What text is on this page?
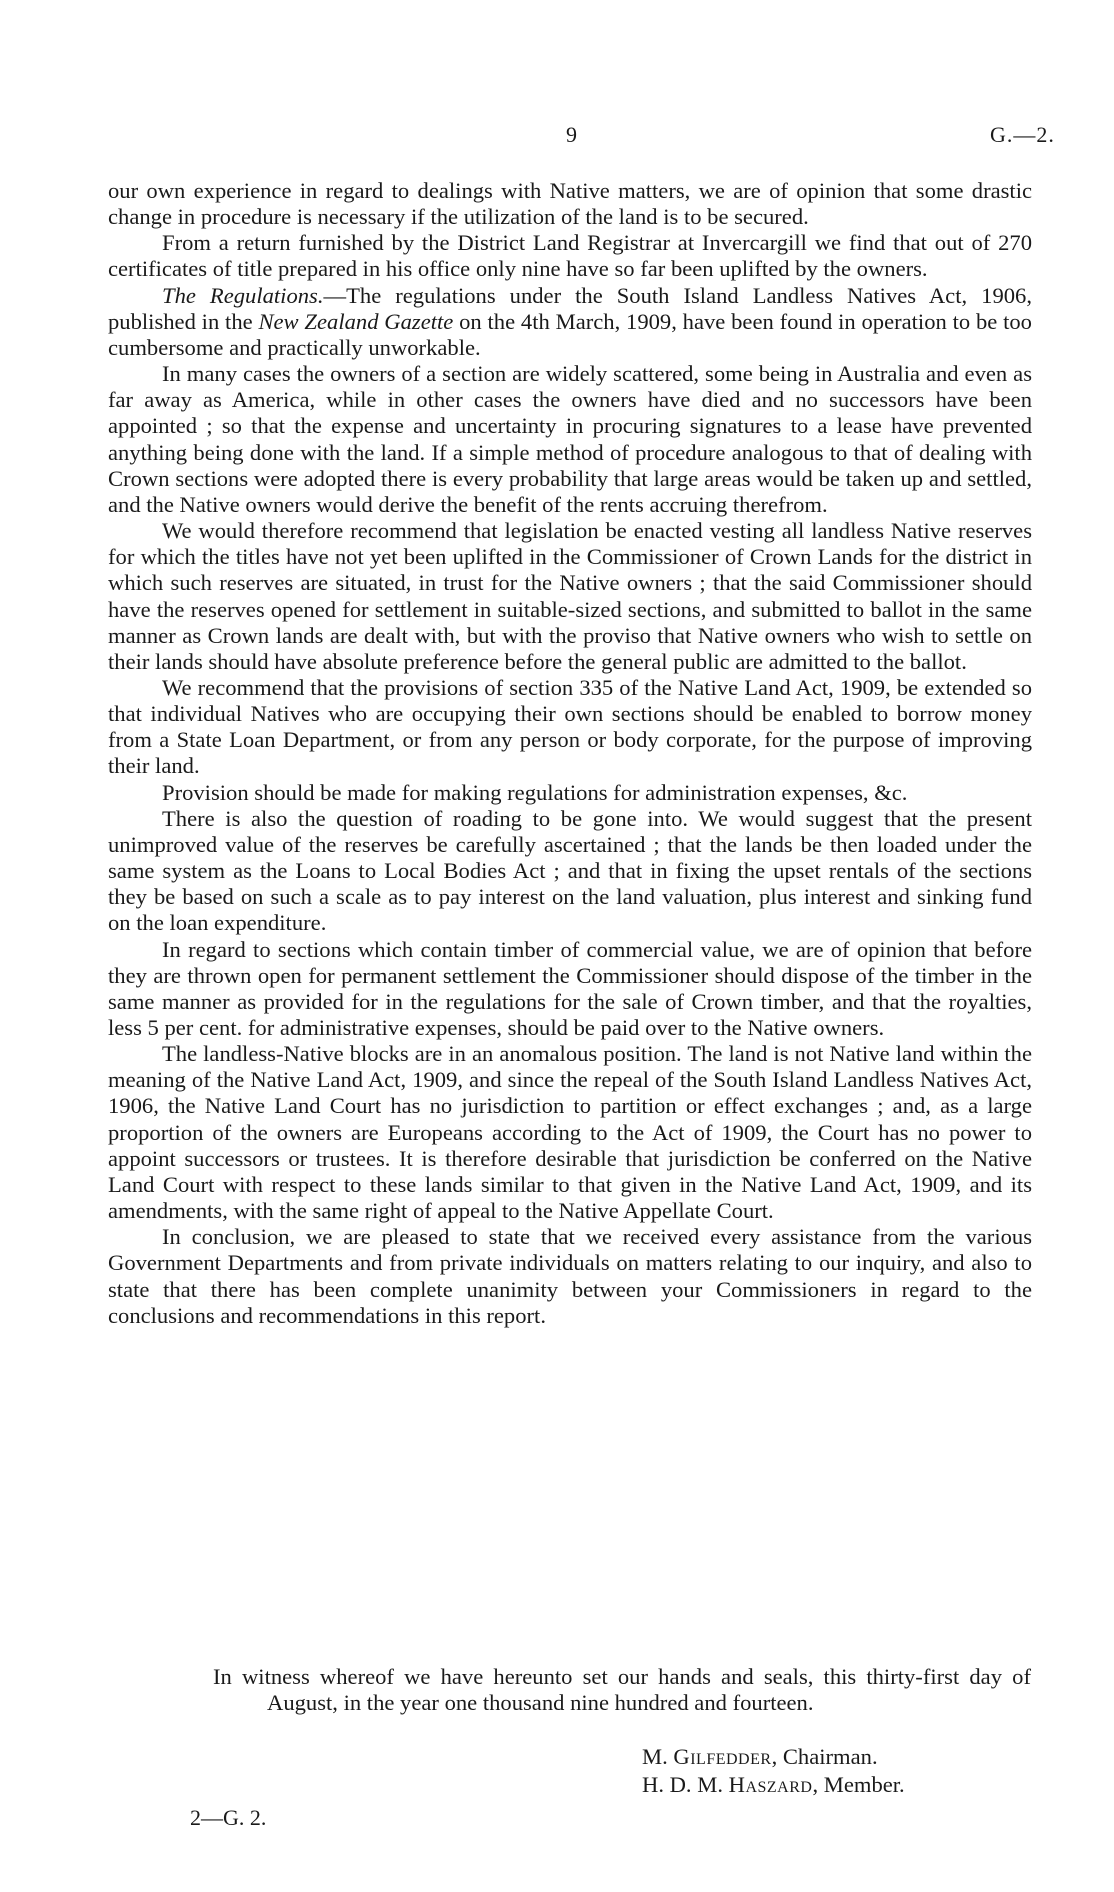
9	G.—2.

our own experience in regard to dealings with Native matters, we are of opinion that some drastic change in procedure is necessary if the utilization of the land is to be secured.

From a return furnished by the District Land Registrar at Invercargill we find that out of 270 certificates of title prepared in his office only nine have so far been uplifted by the owners.

The Regulations.—The regulations under the South Island Landless Natives Act, 1906, published in the New Zealand Gazette on the 4th March, 1909, have been found in operation to be too cumbersome and practically unworkable.

In many cases the owners of a section are widely scattered, some being in Australia and even as far away as America, while in other cases the owners have died and no successors have been appointed ; so that the expense and uncertainty in procuring signatures to a lease have prevented anything being done with the land. If a simple method of procedure analogous to that of dealing with Crown sections were adopted there is every probability that large areas would be taken up and settled, and the Native owners would derive the benefit of the rents accruing therefrom.

We would therefore recommend that legislation be enacted vesting all landless Native reserves for which the titles have not yet been uplifted in the Commissioner of Crown Lands for the district in which such reserves are situated, in trust for the Native owners ; that the said Commissioner should have the reserves opened for settlement in suitable-sized sections, and submitted to ballot in the same manner as Crown lands are dealt with, but with the proviso that Native owners who wish to settle on their lands should have absolute preference before the general public are admitted to the ballot.

We recommend that the provisions of section 335 of the Native Land Act, 1909, be extended so that individual Natives who are occupying their own sections should be enabled to borrow money from a State Loan Department, or from any person or body corporate, for the purpose of improving their land.

Provision should be made for making regulations for administration expenses, &c.

There is also the question of roading to be gone into. We would suggest that the present unimproved value of the reserves be carefully ascertained ; that the lands be then loaded under the same system as the Loans to Local Bodies Act ; and that in fixing the upset rentals of the sections they be based on such a scale as to pay interest on the land valuation, plus interest and sinking fund on the loan expenditure.

In regard to sections which contain timber of commercial value, we are of opinion that before they are thrown open for permanent settlement the Commissioner should dispose of the timber in the same manner as provided for in the regulations for the sale of Crown timber, and that the royalties, less 5 per cent. for administrative expenses, should be paid over to the Native owners.

The landless-Native blocks are in an anomalous position. The land is not Native land within the meaning of the Native Land Act, 1909, and since the repeal of the South Island Landless Natives Act, 1906, the Native Land Court has no jurisdiction to partition or effect exchanges ; and, as a large proportion of the owners are Europeans according to the Act of 1909, the Court has no power to appoint successors or trustees. It is therefore desirable that jurisdiction be conferred on the Native Land Court with respect to these lands similar to that given in the Native Land Act, 1909, and its amendments, with the same right of appeal to the Native Appellate Court.

In conclusion, we are pleased to state that we received every assistance from the various Government Departments and from private individuals on matters relating to our inquiry, and also to state that there has been complete unanimity between your Commissioners in regard to the conclusions and recommendations in this report.

In witness whereof we have hereunto set our hands and seals, this thirty-first day of August, in the year one thousand nine hundred and fourteen.
M. Gilfedder, Chairman.
H. D. M. Haszard, Member.
2—G. 2.
